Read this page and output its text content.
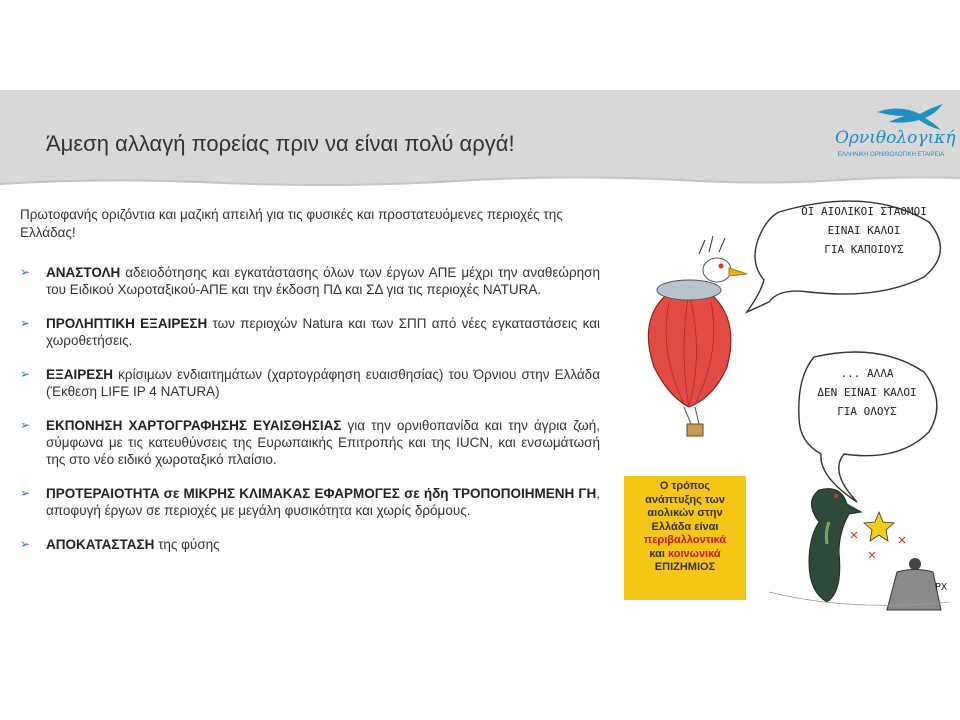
Άμεση αλλαγή πορείας πριν να είναι πολύ αργά!	Ορνιθολογική
ΕΛΛΗΝΙΚΗ ΟΡΝΙΘΟΛΟΓΙΚΗ ΕΤΑΙΡΕΙΑ
Πρωτοφανής οριζόντια και μαζική απειλή για τις φυσικές και προστατευόμενες περιοχές της Ελλάδας!
➢ ΑΝΑΣΤΟΛΗ αδειοδότησης και εγκατάστασης όλων των έργων ΑΠΕ μέχρι την αναθεώρηση του Ειδικού Χωροταξικού-ΑΠΕ και την έκδοση ΠΔ και ΣΔ για τις περιοχές NATURA.
➢ ΠΡΟΛΗΠΤΙΚΗ ΕΞΑΙΡΕΣΗ των περιοχών Natura και των ΣΠΠ από νέες εγκαταστάσεις και χωροθετήσεις.
➢ ΕΞΑΙΡΕΣΗ κρίσιμων ενδιαιτημάτων (χαρτογράφηση ευαισθησίας) του Όρνιου στην Ελλάδα (Έκθεση LIFE IP 4 NATURA)
➢ ΕΚΠΟΝΗΣΗ ΧΑΡΤΟΓΡΑΦΗΣΗΣ ΕΥΑΙΣΘΗΣΙΑΣ για την ορνιθοπανίδα και την άγρια ζωή, σύμφωνα με τις κατευθύνσεις της Ευρωπαικής Επιτροπής και της IUCN, και ενσωμάτωσή της στο νέο ειδικό χωροταξικό πλαίσιο.
➢ ΠΡΟΤΕΡΑΙΟΤΗΤΑ σε ΜΙΚΡΗΣ ΚΛΙΜΑΚΑΣ ΕΦΑΡΜΟΓΕΣ σε ήδη ΤΡΟΠΟΠΟΙΗΜΕΝΗ ΓΗ, αποφυγή έργων σε περιοχές με μεγάλη φυσικότητα και χωρίς δρόμους.
➢ ΑΠΟΚΑΤΑΣΤΑΣΗ της φύσης
ΟΙ ΑΙΟΛΙΚΟΙ ΣΤΑΘΜΟΙ
ΕΙΝΑΙ ΚΑΛΟΙ
ΓΙΑ ΚΑΠΟΙΟΥΣ
... ΑΛΛΑ
ΔΕΝ ΕΙΝΑΙ ΚΑΛΟΙ
ΓΙΑ ΟΛΟΥΣ
ΡΧ
Ο τρόπος
ανάπτυξης των
αιολικών στην
Ελλάδα είναι
περιβαλλοντικά
και κοινωνικά
ΕΠΙΖΗΜΙΟΣ
